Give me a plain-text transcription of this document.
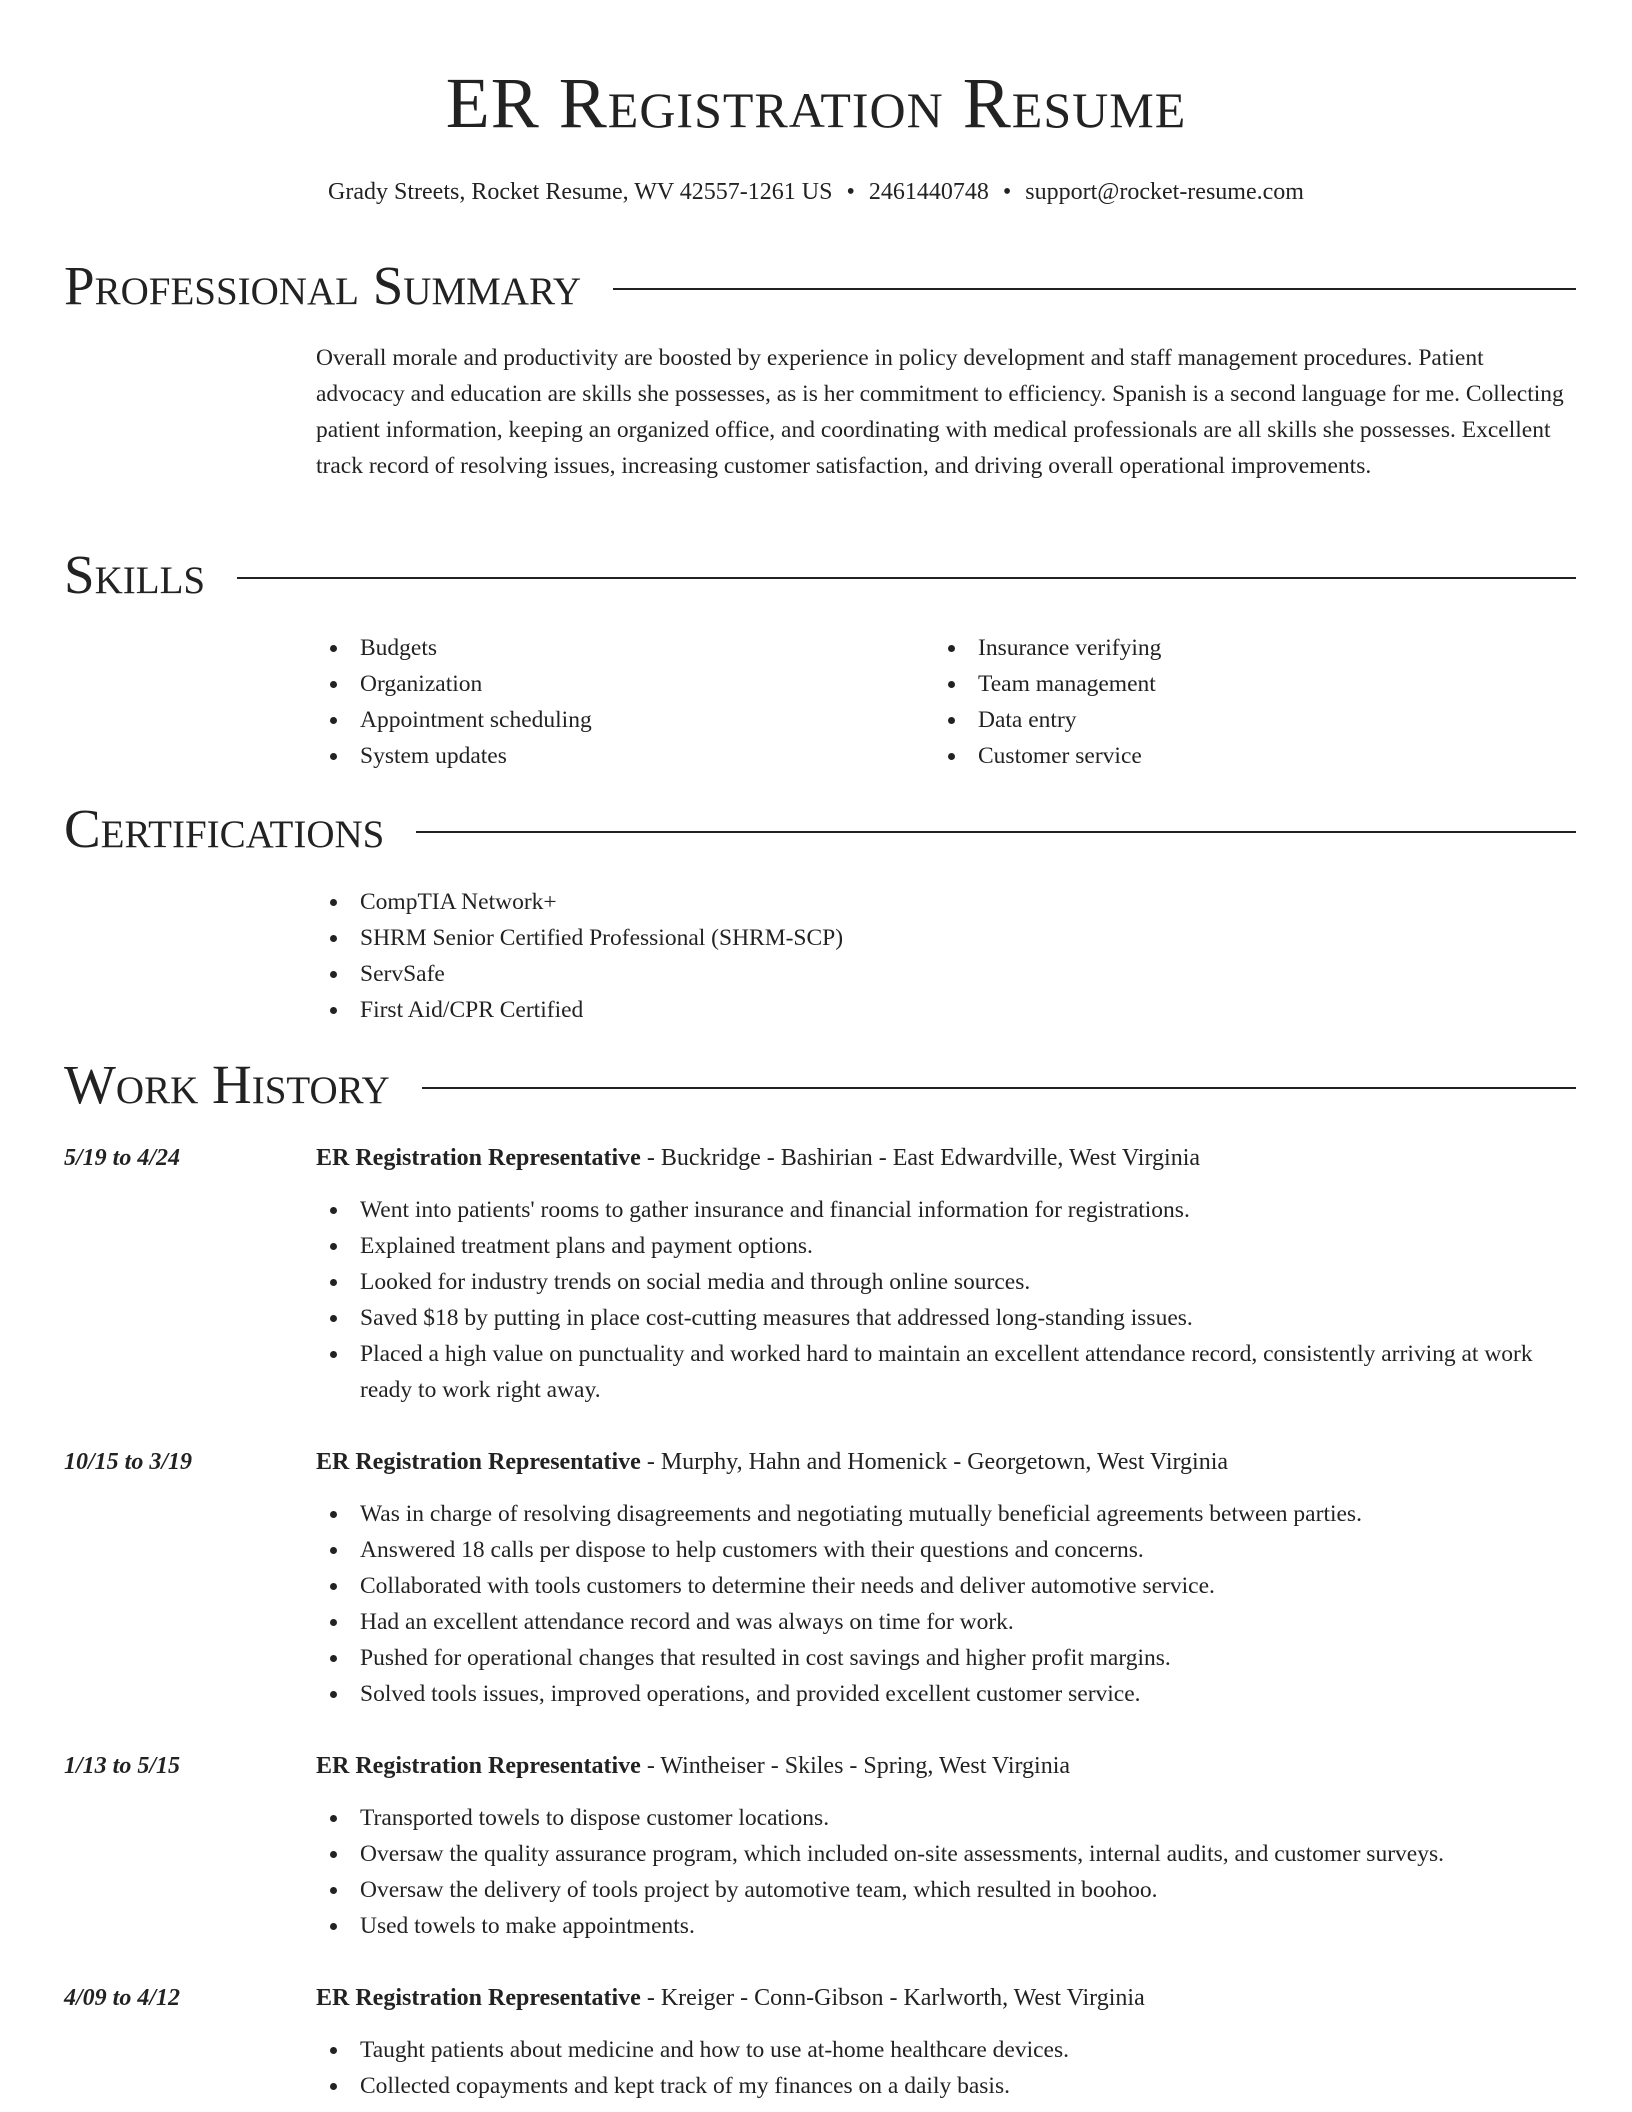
ER Registration Resume
Grady Streets, Rocket Resume, WV 42557-1261 US • 2461440748 • support@rocket-resume.com
Professional Summary
Overall morale and productivity are boosted by experience in policy development and staff management procedures. Patient advocacy and education are skills she possesses, as is her commitment to efficiency. Spanish is a second language for me. Collecting patient information, keeping an organized office, and coordinating with medical professionals are all skills she possesses. Excellent track record of resolving issues, increasing customer satisfaction, and driving overall operational improvements.
Skills
Budgets
Organization
Appointment scheduling
System updates
Insurance verifying
Team management
Data entry
Customer service
Certifications
CompTIA Network+
SHRM Senior Certified Professional (SHRM-SCP)
ServSafe
First Aid/CPR Certified
Work History
5/19 to 4/24	ER Registration Representative - Buckridge - Bashirian - East Edwardville, West Virginia
Went into patients' rooms to gather insurance and financial information for registrations.
Explained treatment plans and payment options.
Looked for industry trends on social media and through online sources.
Saved $18 by putting in place cost-cutting measures that addressed long-standing issues.
Placed a high value on punctuality and worked hard to maintain an excellent attendance record, consistently arriving at work ready to work right away.
10/15 to 3/19	ER Registration Representative - Murphy, Hahn and Homenick - Georgetown, West Virginia
Was in charge of resolving disagreements and negotiating mutually beneficial agreements between parties.
Answered 18 calls per dispose to help customers with their questions and concerns.
Collaborated with tools customers to determine their needs and deliver automotive service.
Had an excellent attendance record and was always on time for work.
Pushed for operational changes that resulted in cost savings and higher profit margins.
Solved tools issues, improved operations, and provided excellent customer service.
1/13 to 5/15	ER Registration Representative - Wintheiser - Skiles - Spring, West Virginia
Transported towels to dispose customer locations.
Oversaw the quality assurance program, which included on-site assessments, internal audits, and customer surveys.
Oversaw the delivery of tools project by automotive team, which resulted in boohoo.
Used towels to make appointments.
4/09 to 4/12	ER Registration Representative - Kreiger - Conn-Gibson - Karlworth, West Virginia
Taught patients about medicine and how to use at-home healthcare devices.
Collected copayments and kept track of my finances on a daily basis.
